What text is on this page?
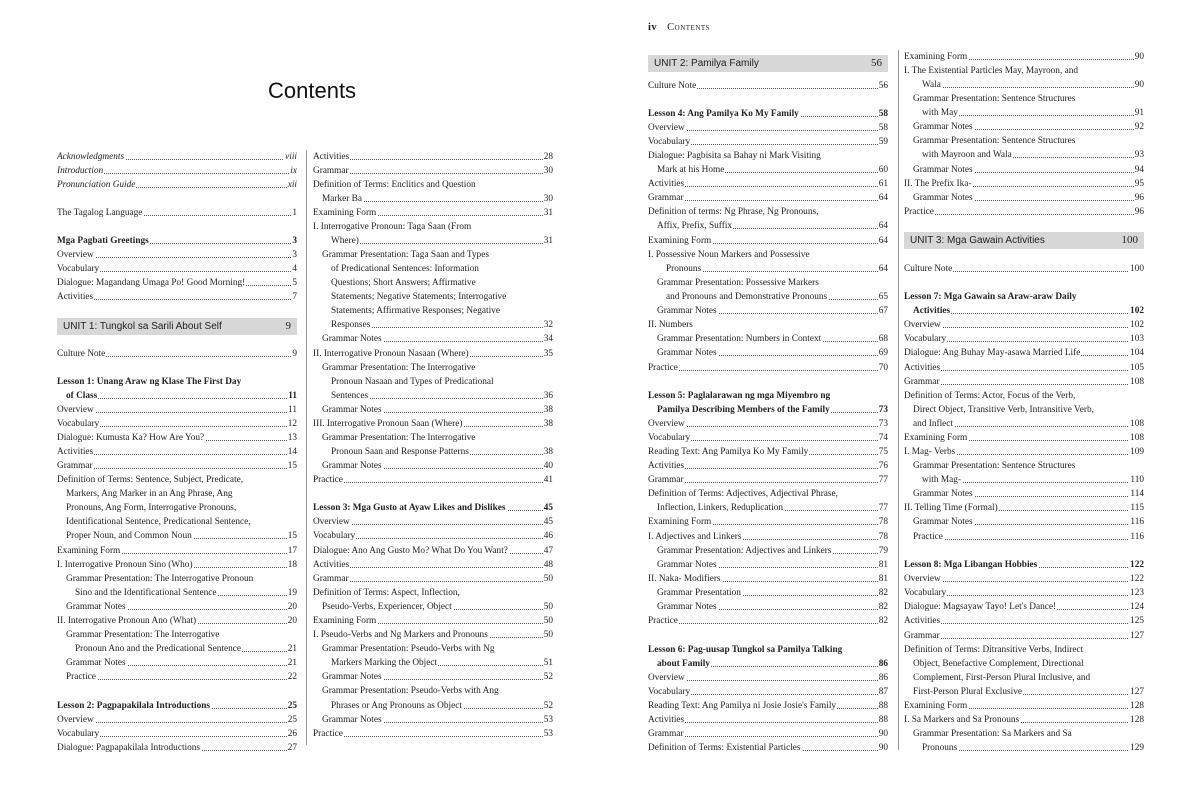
Contents
Acknowledgments	viii
Introduction	ix
Pronunciation Guide	xii
The Tagalog Language	1
Mga Pagbati Greetings	3
Overview	3
Vocabulary	4
Dialogue: Magandang Umaga Po! Good Morning!	5
Activities	7
UNIT 1: Tungkol sa Sarili About Self	9
Culture Note	9
Lesson 1: Unang Araw ng Klase The First Day
of Class	11
Overview	11
Vocabulary	12
Dialogue: Kumusta Ka? How Are You?	13
Activities	14
Grammar	15
Definition of Terms: Sentence, Subject, Predicate,
Markers, Ang Marker in an Ang Phrase, Ang
Pronouns, Ang Form, Interrogative Pronouns,
Identificational Sentence, Predicational Sentence,
Proper Noun, and Common Noun	15
Examining Form	17
I. Interrogative Pronoun Sino (Who)	18
Grammar Presentation: The Interrogative Pronoun
Sino and the Identificational Sentence	19
Grammar Notes	20
II. Interrogative Pronoun Ano (What)	20
Grammar Presentation: The Interrogative
Pronoun Ano and the Predicational Sentence	21
Grammar Notes	21
Practice	22
Lesson 2: Pagpapakilala Introductions	25
Overview	25
Vocabulary	26
Dialogue: Pagpapakilala Introductions	27
Activities	28
Grammar	30
Definition of Terms: Enclitics and Question
Marker Ba	30
Examining Form	31
I. Interrogative Pronoun: Taga Saan (From
Where)	31
Grammar Presentation: Taga Saan and Types
of Predicational Sentences: Information
Questions; Short Answers; Affirmative
Statements; Negative Statements; Interrogative
Statements; Affirmative Responses; Negative
Responses	32
Grammar Notes	34
II. Interrogative Pronoun Nasaan (Where)	35
Grammar Presentation: The Interrogative
Pronoun Nasaan and Types of Predicational
Sentences	36
Grammar Notes	38
III. Interrogative Pronoun Saan (Where)	38
Grammar Presentation: The Interrogative
Pronoun Saan and Response Patterns	38
Grammar Notes	40
Practice	41
Lesson 3: Mga Gusto at Ayaw Likes and Dislikes	45
Overview	45
Vocabulary	46
Dialogue: Ano Ang Gusto Mo? What Do You Want?	47
Activities	48
Grammar	50
Definition of Terms: Aspect, Inflection,
Pseudo-Verbs, Experiencer, Object	50
Examining Form	50
I. Pseudo-Verbs and Ng Markers and Pronouns	50
Grammar Presentation: Pseudo-Verbs with Ng
Markers Marking the Object	51
Grammar Notes	52
Grammar Presentation: Pseudo-Verbs with Ang
Phrases or Ang Pronouns as Object	52
Grammar Notes	53
Practice	53
iv Contents
UNIT 2: Pamilya Family	56
Culture Note	56
Lesson 4: Ang Pamilya Ko My Family	58
Overview	58
Vocabulary	59
Dialogue: Pagbisita sa Bahay ni Mark Visiting
Mark at his Home	60
Activities	61
Grammar	64
Definition of terms: Ng Phrase, Ng Pronouns,
Affix, Prefix, Suffix	64
Examining Form	64
I. Possessive Noun Markers and Possessive
Pronouns	64
Grammar Presentation: Possessive Markers
and Pronouns and Demonstrative Pronouns	65
Grammar Notes	67
II. Numbers
Grammar Presentation: Numbers in Context	68
Grammar Notes	69
Practice	70
Lesson 5: Paglalarawan ng mga Miyembro ng
Pamilya Describing Members of the Family	73
Overview	73
Vocabulary	74
Reading Text: Ang Pamilya Ko My Family	75
Activities	76
Grammar	77
Definition of Terms: Adjectives, Adjectival Phrase,
Inflection, Linkers, Reduplication	77
Examining Form	78
I. Adjectives and Linkers	78
Grammar Presentation: Adjectives and Linkers	79
Grammar Notes	81
II. Naka- Modifiers	81
Grammar Presentation	82
Grammar Notes	82
Practice	82
Lesson 6: Pag-uusap Tungkol sa Pamilya Talking
about Family	86
Overview	86
Vocabulary	87
Reading Text: Ang Pamilya ni Josie Josie's Family	88
Activities	88
Grammar	90
Definition of Terms: Existential Particles	90
Examining Form	90
I. The Existential Particles May, Mayroon, and
Wala	90
Grammar Presentation: Sentence Structures
with May	91
Grammar Notes	92
Grammar Presentation: Sentence Structures
with Mayroon and Wala	93
Grammar Notes	94
II. The Prefix Ika-	95
Grammar Notes	96
Practice	96
UNIT 3: Mga Gawain Activities	100
Culture Note	100
Lesson 7: Mga Gawain sa Araw-araw Daily
Activities	102
Overview	102
Vocabulary	103
Dialogue: Ang Buhay May-asawa Married Life	104
Activities	105
Grammar	108
Definition of Terms: Actor, Focus of the Verb,
Direct Object, Transitive Verb, Intransitive Verb,
and Inflect	108
Examining Form	108
I. Mag- Verbs	109
Grammar Presentation: Sentence Structures
with Mag-	110
Grammar Notes	114
II. Telling Time (Formal)	115
Grammar Notes	116
Practice	116
Lesson 8: Mga Libangan Hobbies	122
Overview	122
Vocabulary	123
Dialogue: Magsayaw Tayo! Let's Dance!	124
Activities	125
Grammar	127
Definition of Terms: Ditransitive Verbs, Indirect
Object, Benefactive Complement, Directional
Complement, First-Person Plural Inclusive, and
First-Person Plural Exclusive	127
Examining Form	128
I. Sa Markers and Sa Pronouns	128
Grammar Presentation: Sa Markers and Sa
Pronouns	129
